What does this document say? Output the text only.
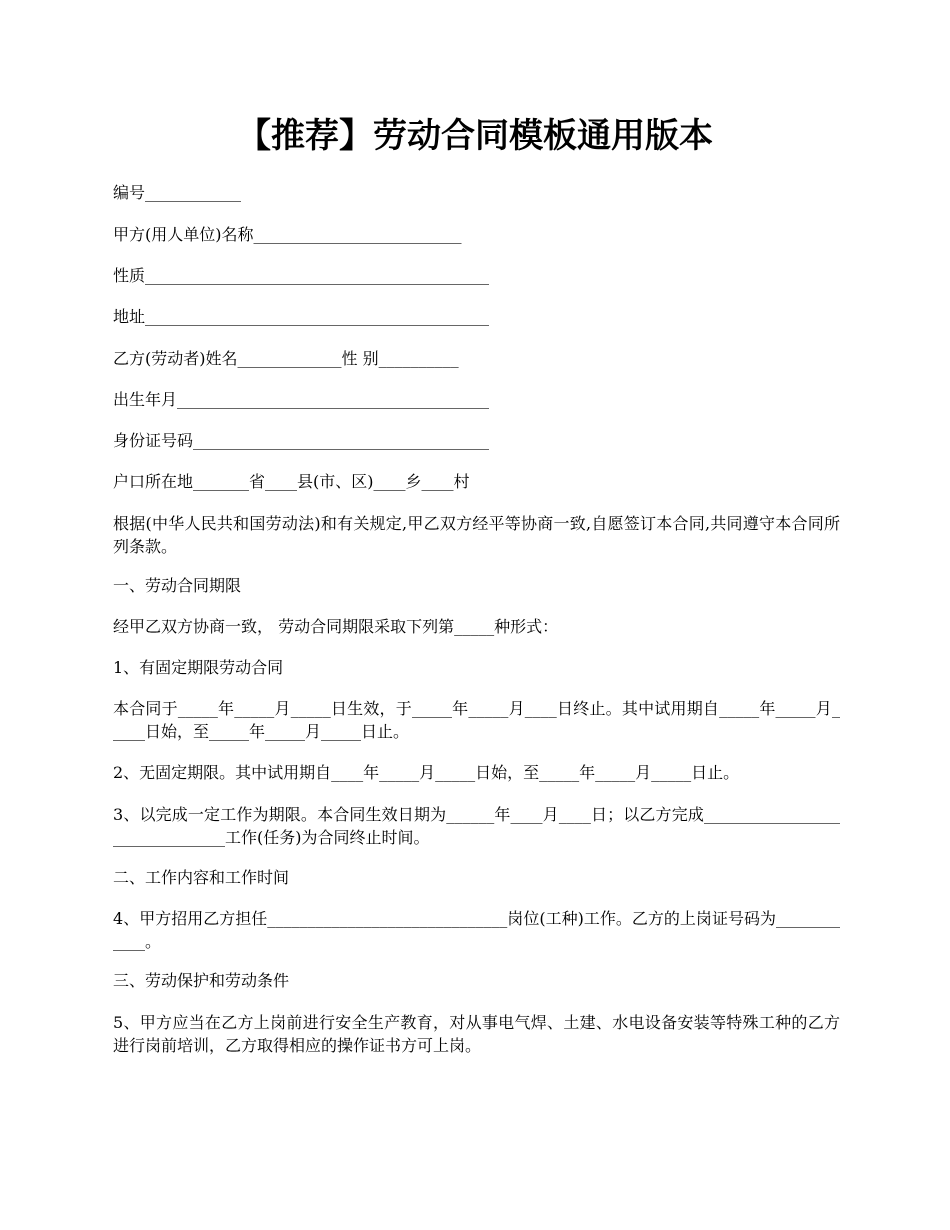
【推荐】劳动合同模板通用版本
编号____________
甲方(用人单位)名称__________________________
性质___________________________________________
地址___________________________________________
乙方(劳动者)姓名_____________性 别__________
出生年月_______________________________________
身份证号码_____________________________________
户口所在地_______省____县(市、区)____乡____村
根据(中华人民共和国劳动法)和有关规定,甲乙双方经平等协商一致,自愿签订本合同,共同遵守本合同所列条款。
一、劳动合同期限
经甲乙双方协商一致， 劳动合同期限采取下列第_____种形式：
1、有固定期限劳动合同
本合同于_____年_____月_____日生效，于_____年_____月____日终止。其中试用期自_____年_____月_____日始，至_____年_____月_____日止。
2、无固定期限。其中试用期自____年_____月_____日始，至_____年_____月_____日止。
3、以完成一定工作为期限。本合同生效日期为______年____月____日；以乙方完成_______________________________工作(任务)为合同终止时间。
二、工作内容和工作时间
4、甲方招用乙方担任______________________________岗位(工种)工作。乙方的上岗证号码为____________。
三、劳动保护和劳动条件
5、甲方应当在乙方上岗前进行安全生产教育，对从事电气焊、土建、水电设备安装等特殊工种的乙方进行岗前培训，乙方取得相应的操作证书方可上岗。
